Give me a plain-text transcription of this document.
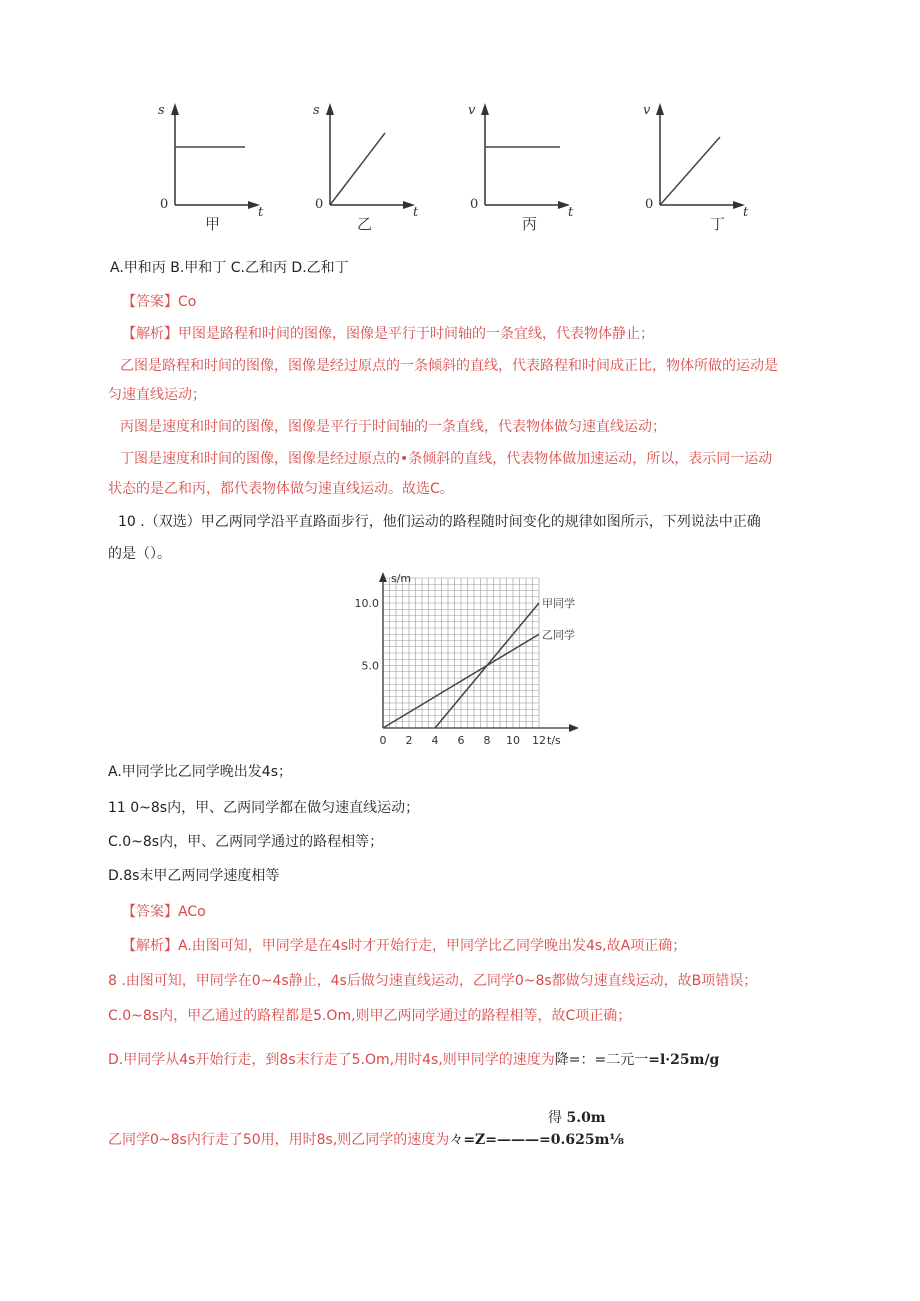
s
0
t
甲
s
0
t
乙
v
0
t
丙
v
0
t
丁
A.甲和丙 B.甲和丁 C.乙和丙 D.乙和丁
【答案】Co
【解析】甲图是路程和时间的图像，图像是平行于时间轴的一条宜线，代表物体静止；
乙图是路程和时间的图像，图像是经过原点的一条倾斜的直线，代表路程和时间成正比，物体所做的运动是
匀速直线运动；
丙图是速度和时间的图像，图像是平行于时间轴的一条直线，代表物体做匀速直线运动；
丁图是速度和时间的图像，图像是经过原点的•条倾斜的直线，代表物体做加速运动，所以，表示同一运动
状态的是乙和丙，都代表物体做匀速直线运动。故选C。
10 .（双选）甲乙两同学沿平直路面步行，他们运动的路程随时间变化的规律如图所示，下列说法中正确
的是（）。
甲同学
乙同学
0 2 4 6 8 10 12
5.0
10.0
t/s
s/m
A.甲同学比乙同学晚出发4s；
11 0~8s内，甲、乙两同学都在做匀速直线运动；
C.0~8s内，甲、乙两同学通过的路程相等；
D.8s末甲乙两同学速度相等
【答案】ACo
【解析】A.由图可知，甲同学是在4s时才开始行走，甲同学比乙同学晚出发4s,故A项正确；
8 .由图可知，甲同学在0~4s静止，4s后做匀速直线运动，乙同学0~8s都做匀速直线运动，故B项错误；
C.0~8s内，甲乙通过的路程都是5.Om,则甲乙两同学通过的路程相等，故C项正确；
D.甲同学从4s开始行走，到8s末行走了5.Om,用时4s,则甲同学的速度为降=：=二元一=l·25m∕g
得 5.0m
乙同学0~8s内行走了50用，用时8s,则乙同学的速度为々=Z=———=0.625m⅛
